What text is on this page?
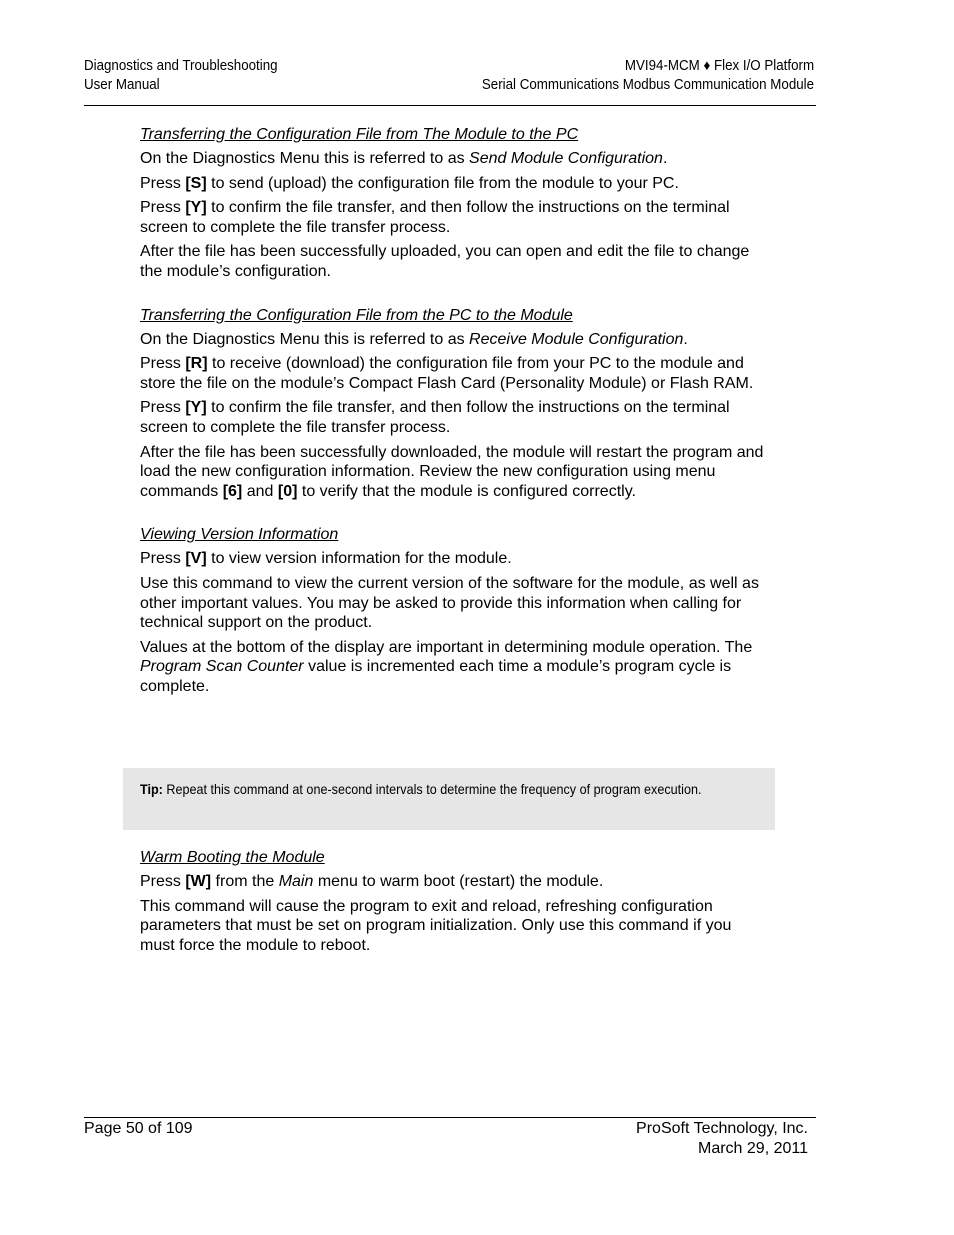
Diagnostics and Troubleshooting
User Manual
MVI94-MCM ♦ Flex I/O Platform
Serial Communications Modbus Communication Module
Transferring the Configuration File from The Module to the PC
On the Diagnostics Menu this is referred to as Send Module Configuration.
Press [S] to send (upload) the configuration file from the module to your PC.
Press [Y] to confirm the file transfer, and then follow the instructions on the terminal screen to complete the file transfer process.
After the file has been successfully uploaded, you can open and edit the file to change the module’s configuration.
Transferring the Configuration File from the PC to the Module
On the Diagnostics Menu this is referred to as Receive Module Configuration.
Press [R] to receive (download) the configuration file from your PC to the module and store the file on the module’s Compact Flash Card (Personality Module) or Flash RAM.
Press [Y] to confirm the file transfer, and then follow the instructions on the terminal screen to complete the file transfer process.
After the file has been successfully downloaded, the module will restart the program and load the new configuration information. Review the new configuration using menu commands [6] and [0] to verify that the module is configured correctly.
Viewing Version Information
Press [V] to view version information for the module.
Use this command to view the current version of the software for the module, as well as other important values. You may be asked to provide this information when calling for technical support on the product.
Values at the bottom of the display are important in determining module operation. The Program Scan Counter value is incremented each time a module’s program cycle is complete.
Tip: Repeat this command at one-second intervals to determine the frequency of program execution.
Warm Booting the Module
Press [W] from the Main menu to warm boot (restart) the module.
This command will cause the program to exit and reload, refreshing configuration parameters that must be set on program initialization. Only use this command if you must force the module to reboot.
Page 50 of 109	ProSoft Technology, Inc.
March 29, 2011
